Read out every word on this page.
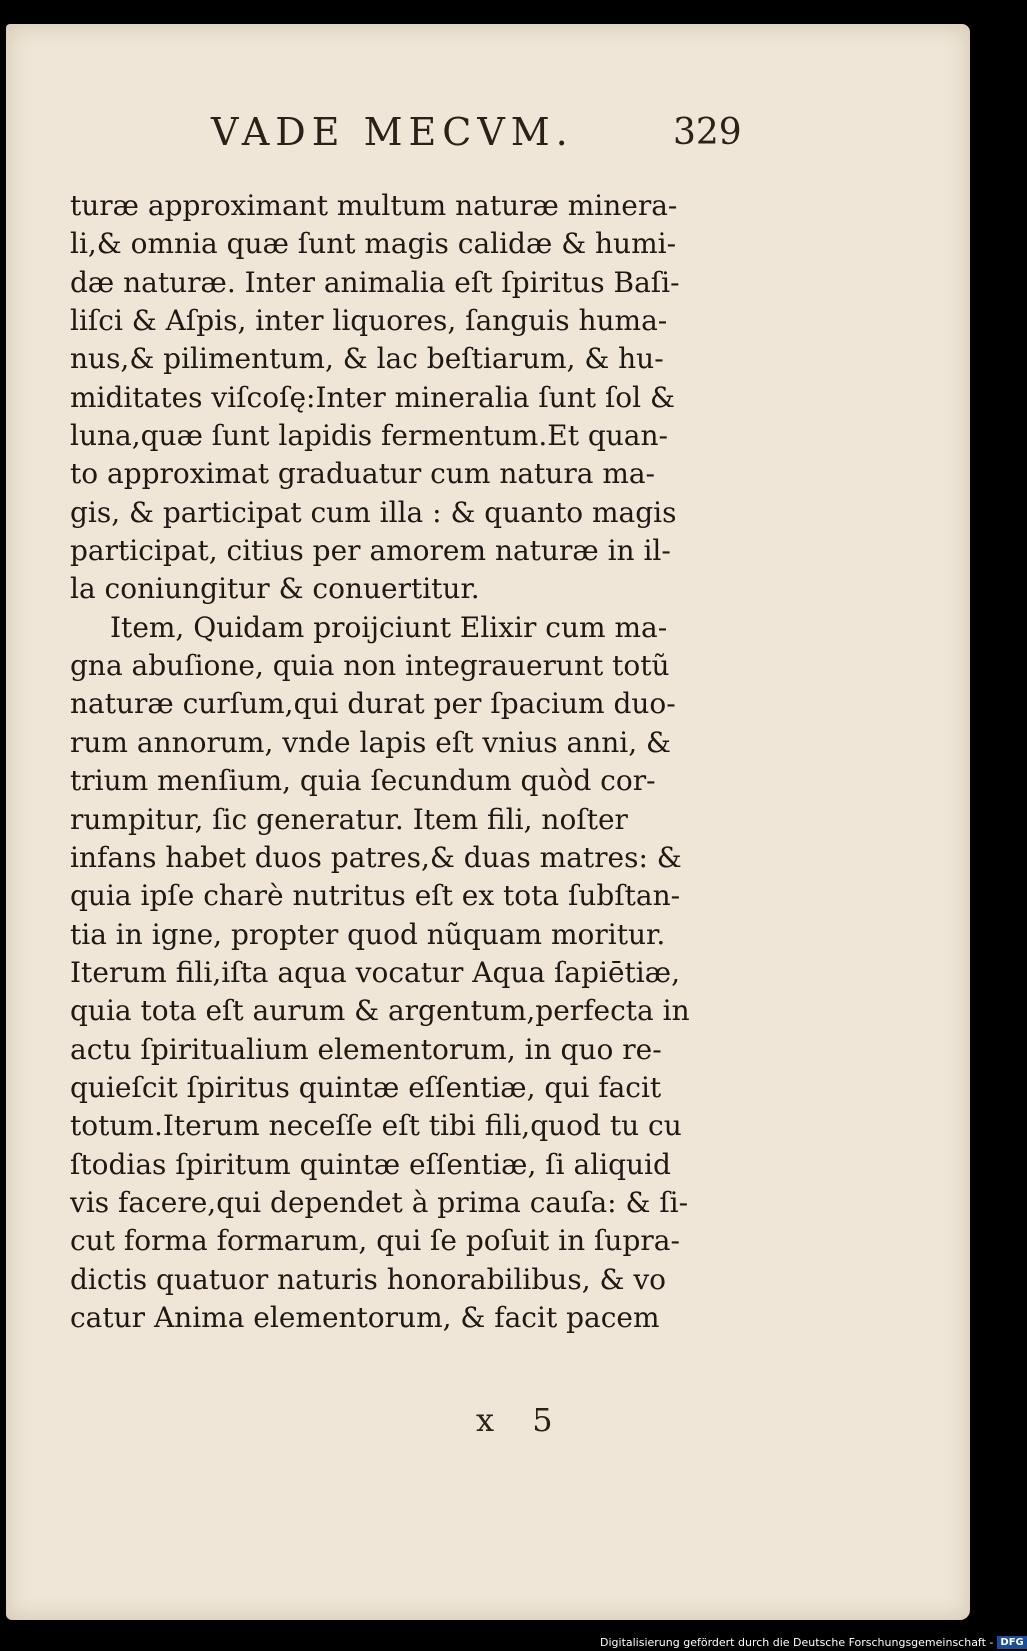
VADE MECVM.	329
turæ approximant multum naturæ minera-
li,& omnia quæ ſunt magis calidæ & humi-
dæ naturæ. Inter animalia eſt ſpiritus Baſi-
liſci & Aſpis, inter liquores, ſanguis huma-
nus,& pilimentum, & lac beſtiarum, & hu-
miditates viſcoſę:Inter mineralia ſunt ſol &
luna,quæ ſunt lapidis fermentum.Et quan-
to approximat graduatur cum natura ma-
gis, & participat cum illa : & quanto magis
participat, citius per amorem naturæ in il-
la coniungitur & conuertitur.
Item, Quidam proijciunt Elixir cum ma-
gna abuſione, quia non integrauerunt totũ
naturæ curſum,qui durat per ſpacium duo-
rum annorum, vnde lapis eſt vnius anni, &
trium menſium, quia ſecundum quòd cor-
rumpitur, ſic generatur. Item fili, noſter
infans habet duos patres,& duas matres: &
quia ipſe charè nutritus eſt ex tota ſubſtan-
tia in igne, propter quod nũquam moritur.
Iterum fili,iſta aqua vocatur Aqua ſapiētiæ,
quia tota eſt aurum & argentum,perfecta in
actu ſpiritualium elementorum, in quo re-
quieſcit ſpiritus quintæ eſſentiæ, qui facit
totum.Iterum neceſſe eſt tibi fili,quod tu cu
ſtodias ſpiritum quintæ eſſentiæ, ſi aliquid
vis facere,qui dependet à prima cauſa: & ſi-
cut forma formarum, qui ſe poſuit in ſupra-
dictis quatuor naturis honorabilibus, & vo
catur Anima elementorum, & facit pacem
x 5
Digitalisierung gefördert durch die Deutsche Forschungsgemeinschaft - DFG
